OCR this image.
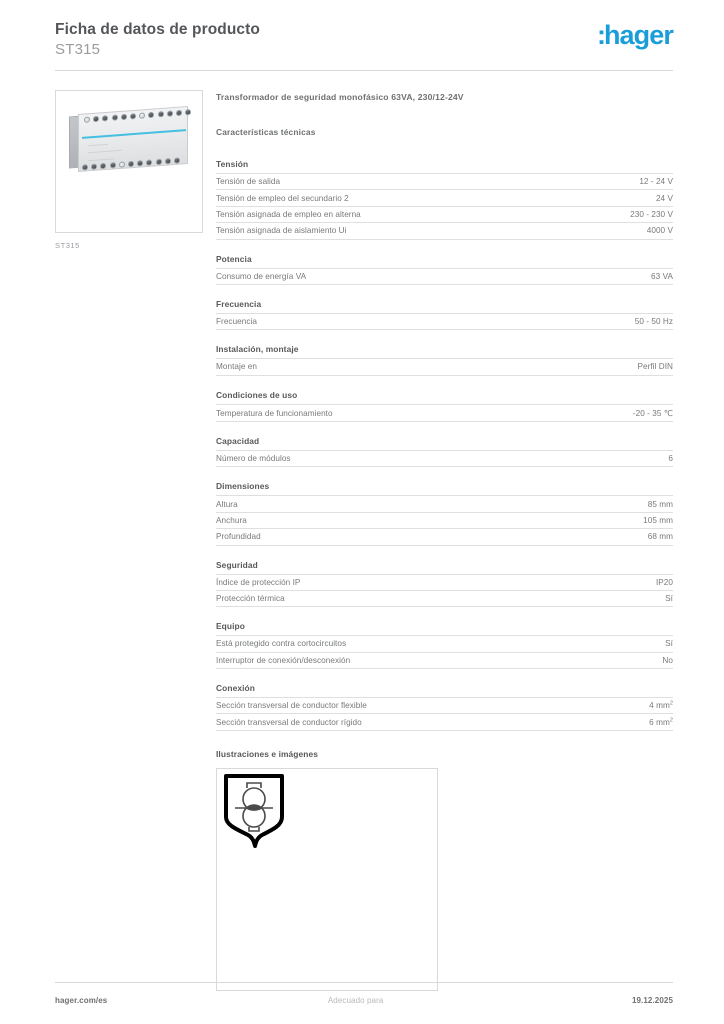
Ficha de datos de producto
ST315	:hager
ST315
Transformador de seguridad monofásico 63VA, 230/12-24V
Características técnicas
Tensión
Tensión de salida	12 - 24 V
Tensión de empleo del secundario 2	24 V
Tensión asignada de empleo en alterna	230 - 230 V
Tensión asignada de aislamiento Ui	4000 V
Potencia
Consumo de energía VA	63 VA
Frecuencia
Frecuencia	50 - 50 Hz
Instalación, montaje
Montaje en	Perfil DIN
Condiciones de uso
Temperatura de funcionamiento	-20 - 35 ℃
Capacidad
Número de módulos	6
Dimensiones
Altura	85 mm
Anchura	105 mm
Profundidad	68 mm
Seguridad
Índice de protección IP	IP20
Protección térmica	Sí
Equipo
Está protegido contra cortocircuitos	Sí
Interruptor de conexión/desconexión	No
Conexión
Sección transversal de conductor flexible	4 $mm^2$
Sección transversal de conductor rígido	6 $mm^2$
Ilustraciones e imágenes
hager.com/es	Adecuado para	19.12.2025
